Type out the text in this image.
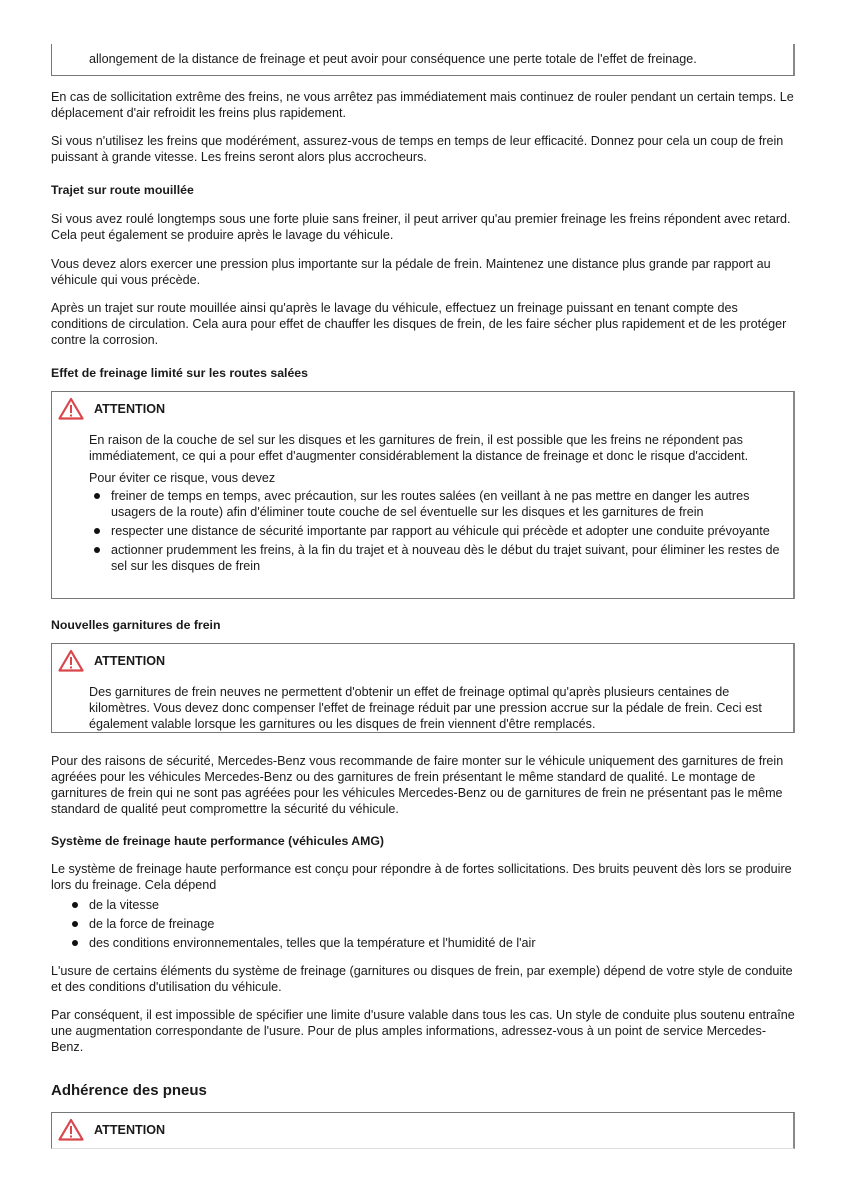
allongement de la distance de freinage et peut avoir pour conséquence une perte totale de l'effet de freinage.

En cas de sollicitation extrême des freins, ne vous arrêtez pas immédiatement mais continuez de rouler pendant un certain temps. Le déplacement d'air refroidit les freins plus rapidement.

Si vous n'utilisez les freins que modérément, assurez-vous de temps en temps de leur efficacité. Donnez pour cela un coup de frein puissant à grande vitesse. Les freins seront alors plus accrocheurs.

Trajet sur route mouillée

Si vous avez roulé longtemps sous une forte pluie sans freiner, il peut arriver qu'au premier freinage les freins répondent avec retard. Cela peut également se produire après le lavage du véhicule.

Vous devez alors exercer une pression plus importante sur la pédale de frein. Maintenez une distance plus grande par rapport au véhicule qui vous précède.

Après un trajet sur route mouillée ainsi qu'après le lavage du véhicule, effectuez un freinage puissant en tenant compte des conditions de circulation. Cela aura pour effet de chauffer les disques de frein, de les faire sécher plus rapidement et de les protéger contre la corrosion.

Effet de freinage limité sur les routes salées

ATTENTION

En raison de la couche de sel sur les disques et les garnitures de frein, il est possible que les freins ne répondent pas immédiatement, ce qui a pour effet d'augmenter considérablement la distance de freinage et donc le risque d'accident.

Pour éviter ce risque, vous devez

freiner de temps en temps, avec précaution, sur les routes salées (en veillant à ne pas mettre en danger les autres usagers de la route) afin d'éliminer toute couche de sel éventuelle sur les disques et les garnitures de frein
respecter une distance de sécurité importante par rapport au véhicule qui précède et adopter une conduite prévoyante
actionner prudemment les freins, à la fin du trajet et à nouveau dès le début du trajet suivant, pour éliminer les restes de sel sur les disques de frein

Nouvelles garnitures de frein

ATTENTION
Des garnitures de frein neuves ne permettent d'obtenir un effet de freinage optimal qu'après plusieurs centaines de kilomètres. Vous devez donc compenser l'effet de freinage réduit par une pression accrue sur la pédale de frein. Ceci est également valable lorsque les garnitures ou les disques de frein viennent d'être remplacés.

Pour des raisons de sécurité, Mercedes-Benz vous recommande de faire monter sur le véhicule uniquement des garnitures de frein agréées pour les véhicules Mercedes-Benz ou des garnitures de frein présentant le même standard de qualité. Le montage de garnitures de frein qui ne sont pas agréées pour les véhicules Mercedes-Benz ou de garnitures de frein ne présentant pas le même standard de qualité peut compromettre la sécurité du véhicule.

Système de freinage haute performance (véhicules AMG)

Le système de freinage haute performance est conçu pour répondre à de fortes sollicitations. Des bruits peuvent dès lors se produire lors du freinage. Cela dépend

de la vitesse
de la force de freinage
des conditions environnementales, telles que la température et l'humidité de l'air

L'usure de certains éléments du système de freinage (garnitures ou disques de frein, par exemple) dépend de votre style de conduite et des conditions d'utilisation du véhicule.

Par conséquent, il est impossible de spécifier une limite d'usure valable dans tous les cas. Un style de conduite plus soutenu entraîne une augmentation correspondante de l'usure. Pour de plus amples informations, adressez-vous à un point de service Mercedes-Benz.

Adhérence des pneus

ATTENTION
